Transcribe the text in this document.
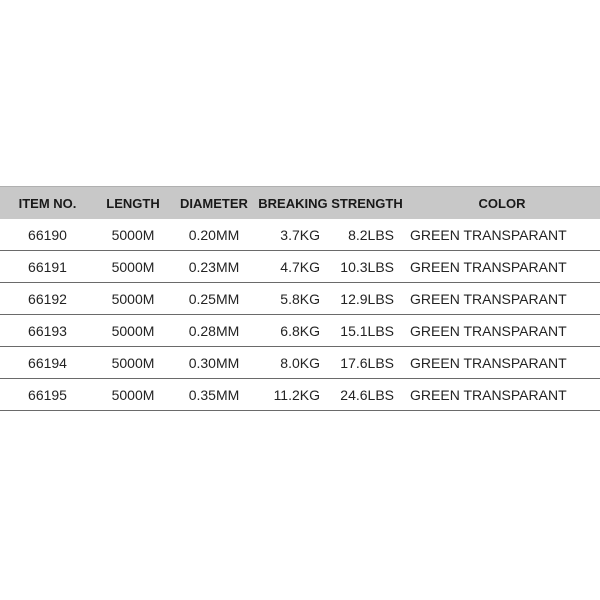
ITEM NO.	LENGTH	DIAMETER	BREAKING STRENGTH		COLOR
66190	5000M	0.20MM	3.7KG	8.2LBS	GREEN TRANSPARANT
66191	5000M	0.23MM	4.7KG	10.3LBS	GREEN TRANSPARANT
66192	5000M	0.25MM	5.8KG	12.9LBS	GREEN TRANSPARANT
66193	5000M	0.28MM	6.8KG	15.1LBS	GREEN TRANSPARANT
66194	5000M	0.30MM	8.0KG	17.6LBS	GREEN TRANSPARANT
66195	5000M	0.35MM	11.2KG	24.6LBS	GREEN TRANSPARANT
